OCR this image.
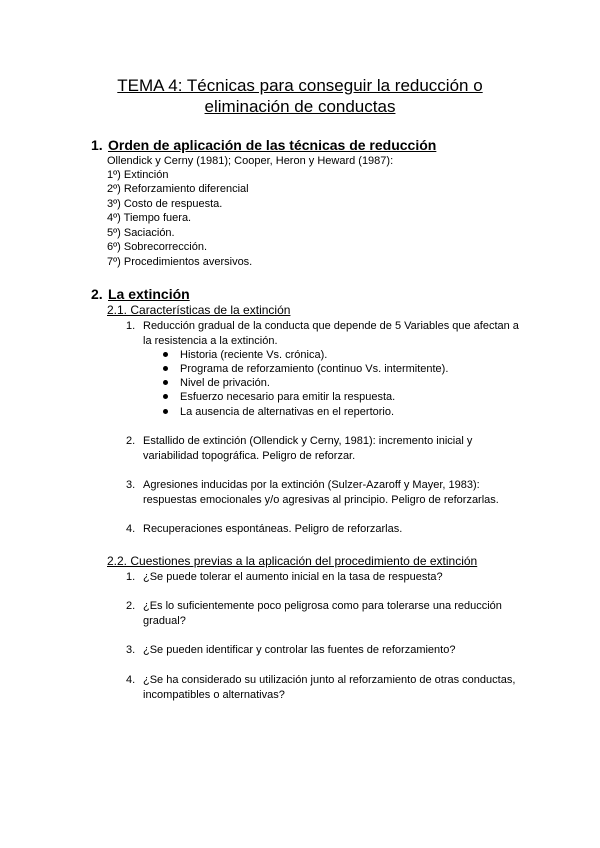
TEMA 4: Técnicas para conseguir la reducción o
eliminación de conductas
1. Orden de aplicación de las técnicas de reducción
Ollendick y Cerny (1981); Cooper, Heron y Heward (1987):
1º) Extinción
2º) Reforzamiento diferencial
3º) Costo de respuesta.
4º) Tiempo fuera.
5º) Saciación.
6º) Sobrecorrección.
7º) Procedimientos aversivos.
2. La extinción
2.1. Características de la extinción
1. Reducción gradual de la conducta que depende de 5 Variables que afectan a
la resistencia a la extinción.
Historia (reciente Vs. crónica).
Programa de reforzamiento (continuo Vs. intermitente).
Nivel de privación.
Esfuerzo necesario para emitir la respuesta.
La ausencia de alternativas en el repertorio.
2. Estallido de extinción (Ollendick y Cerny, 1981): incremento inicial y
variabilidad topográfica. Peligro de reforzar.
3. Agresiones inducidas por la extinción (Sulzer-Azaroff y Mayer, 1983):
respuestas emocionales y/o agresivas al principio. Peligro de reforzarlas.
4. Recuperaciones espontáneas. Peligro de reforzarlas.
2.2. Cuestiones previas a la aplicación del procedimiento de extinción
1. ¿Se puede tolerar el aumento inicial en la tasa de respuesta?
2. ¿Es lo suficientemente poco peligrosa como para tolerarse una reducción
gradual?
3. ¿Se pueden identificar y controlar las fuentes de reforzamiento?
4. ¿Se ha considerado su utilización junto al reforzamiento de otras conductas,
incompatibles o alternativas?
